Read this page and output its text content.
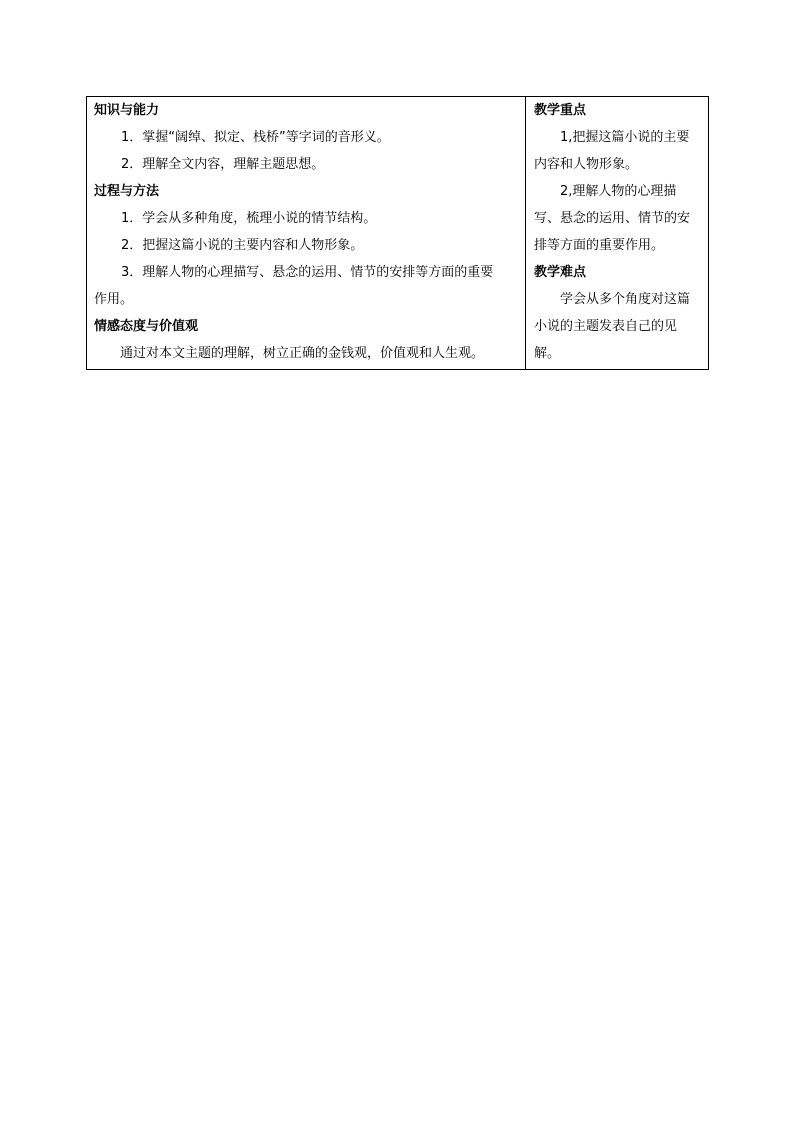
知识与能力
1．掌握“阔绰、拟定、栈桥”等字词的音形义。
2．理解全文内容，理解主题思想。
过程与方法
1．学会从多种角度，梳理小说的情节结构。
2．把握这篇小说的主要内容和人物形象。
3．理解人物的心理描写、悬念的运用、情节的安排等方面的重要
作用。
情感态度与价值观
通过对本文主题的理解，树立正确的金钱观，价值观和人生观。
教学重点
1,把握这篇小说的主要内容和人物形象。
2,理解人物的心理描写、悬念的运用、情节的安排等方面的重要作用。
教学难点
学会从多个角度对这篇小说的主题发表自己的见解。
